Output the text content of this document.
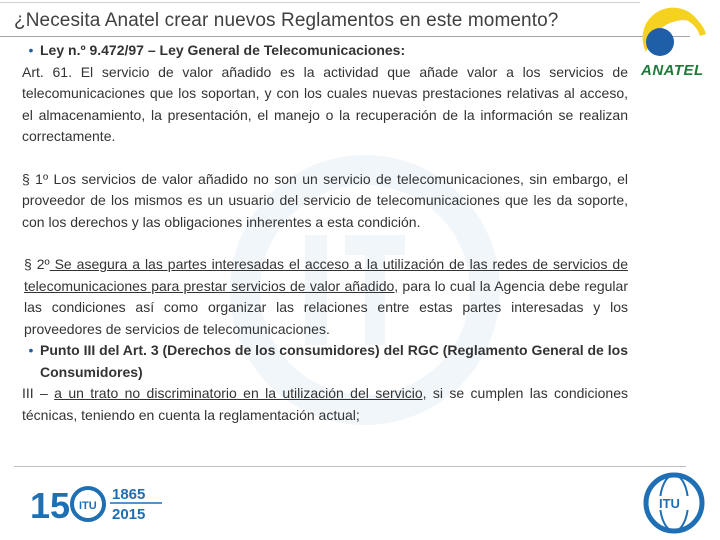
¿Necesita Anatel crear nuevos Reglamentos en este momento?
ANATEL
• Ley n.º 9.472/97 – Ley General de Telecomunicaciones:

Art. 61. El servicio de valor añadido es la actividad que añade valor a los servicios de telecomunicaciones que los soportan, y con los cuales nuevas prestaciones relativas al acceso, el almacenamiento, la presentación, el manejo o la recuperación de la información se realizan correctamente.

§ 1º Los servicios de valor añadido no son un servicio de telecomunicaciones, sin embargo, el proveedor de los mismos es un usuario del servicio de telecomunicaciones que les da soporte, con los derechos y las obligaciones inherentes a esta condición.

§ 2º Se asegura a las partes interesadas el acceso a la utilización de las redes de servicios de telecomunicaciones para prestar servicios de valor añadido, para lo cual la Agencia debe regular las condiciones así como organizar las relaciones entre estas partes interesadas y los proveedores de servicios de telecomunicaciones.

• Punto III del Art. 3 (Derechos de los consumidores) del RGC (Reglamento General de los Consumidores)

III – a un trato no discriminatorio en la utilización del servicio, si se cumplen las condiciones técnicas, teniendo en cuenta la reglamentación actual;

15 ITU
1865
2015
ITU
